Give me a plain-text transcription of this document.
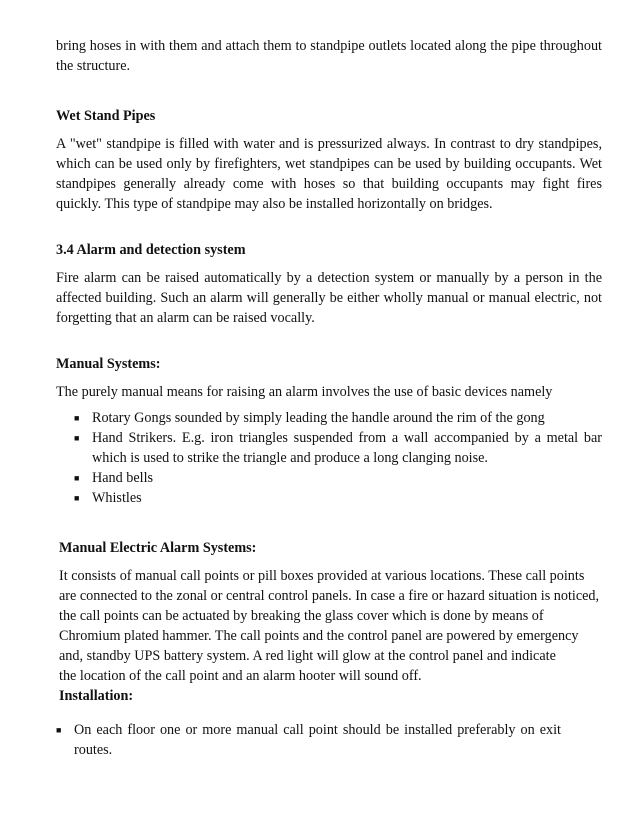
bring hoses in with them and attach them to standpipe outlets located along the pipe throughout the structure.

Wet Stand Pipes

A "wet" standpipe is filled with water and is pressurized always. In contrast to dry standpipes, which can be used only by firefighters, wet standpipes can be used by building occupants. Wet standpipes generally already come with hoses so that building occupants may fight fires quickly. This type of standpipe may also be installed horizontally on bridges.

3.4 Alarm and detection system

Fire alarm can be raised automatically by a detection system or manually by a person in the affected building. Such an alarm will generally be either wholly manual or manual electric, not forgetting that an alarm can be raised vocally.

Manual Systems:

The purely manual means for raising an alarm involves the use of basic devices namely

■ Rotary Gongs sounded by simply leading the handle around the rim of the gong
■ Hand Strikers. E.g. iron triangles suspended from a wall accompanied by a metal bar which is used to strike the triangle and produce a long clanging noise.
■ Hand bells
■ Whistles
Manual Electric Alarm Systems:

It consists of manual call points or pill boxes provided at various locations. These call points

are connected to the zonal or central control panels. In case a fire or hazard situation is noticed,

the call points can be actuated by breaking the glass cover which is done by means of

Chromium plated hammer. The call points and the control panel are powered by emergency

and, standby UPS battery system. A red light will glow at the control panel and indicate

the location of the call point and an alarm hooter will sound off.

Installation:
■ On each floor one or more manual call point should be installed preferably on exit routes.
